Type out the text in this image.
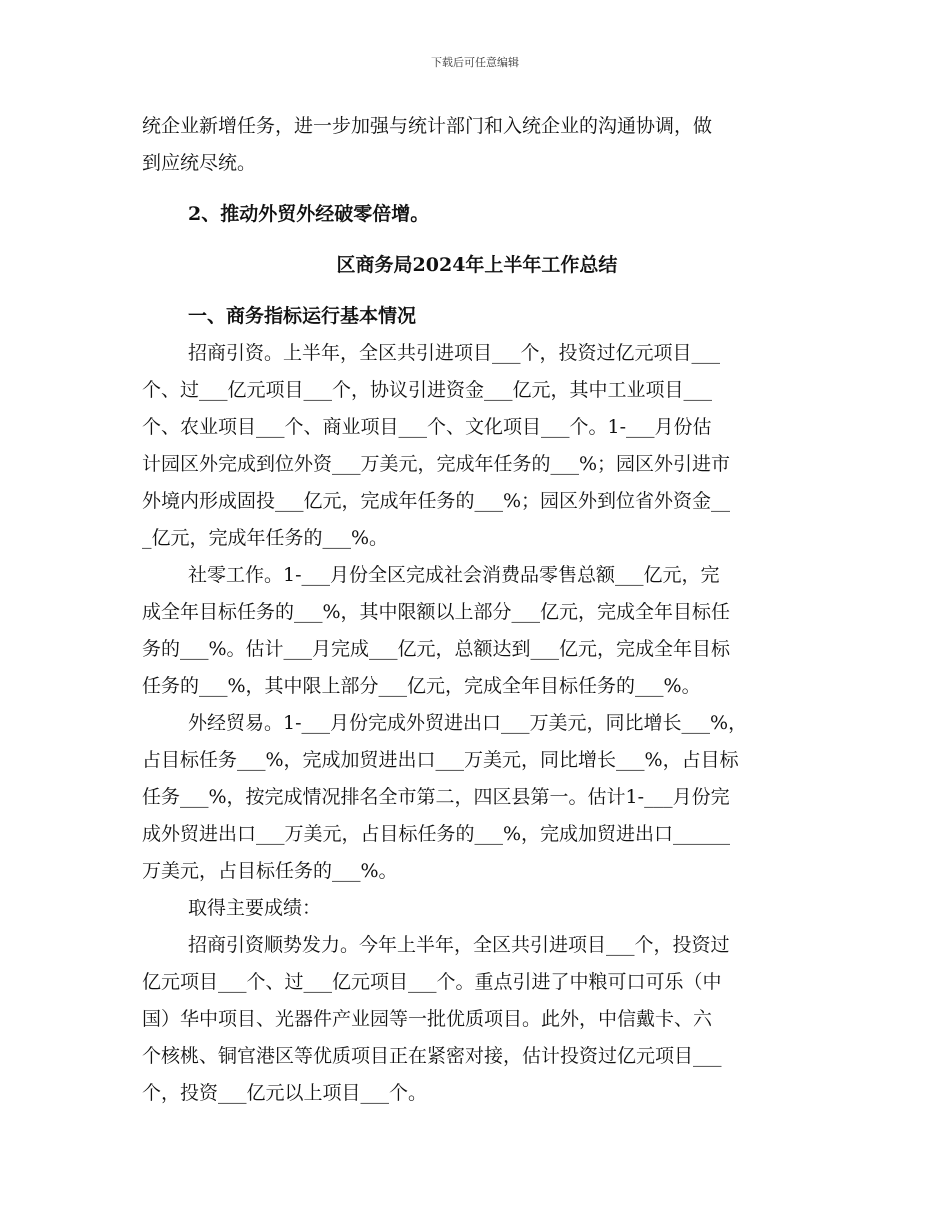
下载后可任意编辑
统企业新增任务，进一步加强与统计部门和入统企业的沟通协调，做
到应统尽统。
2、推动外贸外经破零倍增。
区商务局2024年上半年工作总结
一、商务指标运行基本情况
招商引资。上半年，全区共引进项目___个，投资过亿元项目___
个、过___亿元项目___个，协议引进资金___亿元，其中工业项目___
个、农业项目___个、商业项目___个、文化项目___个。1-___月份估
计园区外完成到位外资___万美元，完成年任务的___%；园区外引进市
外境内形成固投___亿元，完成年任务的___%；园区外到位省外资金__
_亿元，完成年任务的___%。
社零工作。1-___月份全区完成社会消费品零售总额___亿元，完
成全年目标任务的___%，其中限额以上部分___亿元，完成全年目标任
务的___%。估计___月完成___亿元，总额达到___亿元，完成全年目标
任务的___%，其中限上部分___亿元，完成全年目标任务的___%。
外经贸易。1-___月份完成外贸进出口___万美元，同比增长___%，
占目标任务___%，完成加贸进出口___万美元，同比增长___%，占目标
任务___%，按完成情况排名全市第二，四区县第一。估计1-___月份完
成外贸进出口___万美元，占目标任务的___%，完成加贸进出口______
万美元，占目标任务的___%。
取得主要成绩：
招商引资顺势发力。今年上半年，全区共引进项目___个，投资过
亿元项目___个、过___亿元项目___个。重点引进了中粮可口可乐（中
国）华中项目、光器件产业园等一批优质项目。此外，中信戴卡、六
个核桃、铜官港区等优质项目正在紧密对接，估计投资过亿元项目___
个，投资___亿元以上项目___个。
